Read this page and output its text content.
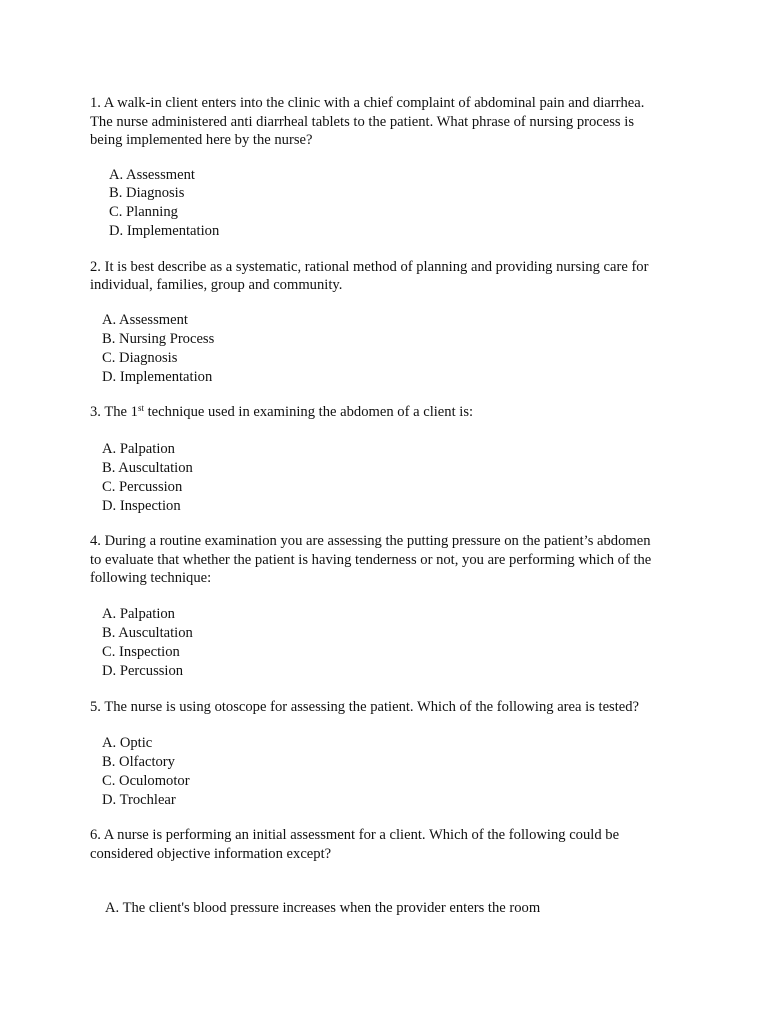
1. A walk-in client enters into the clinic with a chief complaint of abdominal pain and diarrhea.
The nurse administered anti diarrheal tablets to the patient. What phrase of nursing process is
being implemented here by the nurse?
A. Assessment
B. Diagnosis
C. Planning
D. Implementation
2. It is best describe as a systematic, rational method of planning and providing nursing care for
individual, families, group and community.
A. Assessment
B. Nursing Process
C. Diagnosis
D. Implementation
3. The 1st technique used in examining the abdomen of a client is:
A. Palpation
B. Auscultation
C. Percussion
D. Inspection
4. During a routine examination you are assessing the putting pressure on the patient’s abdomen
to evaluate that whether the patient is having tenderness or not, you are performing which of the
following technique:
A. Palpation
B. Auscultation
C. Inspection
D. Percussion
5. The nurse is using otoscope for assessing the patient. Which of the following area is tested?
A. Optic
B. Olfactory
C. Oculomotor
D. Trochlear
6. A nurse is performing an initial assessment for a client. Which of the following could be
considered objective information except?
A. The client's blood pressure increases when the provider enters the room
